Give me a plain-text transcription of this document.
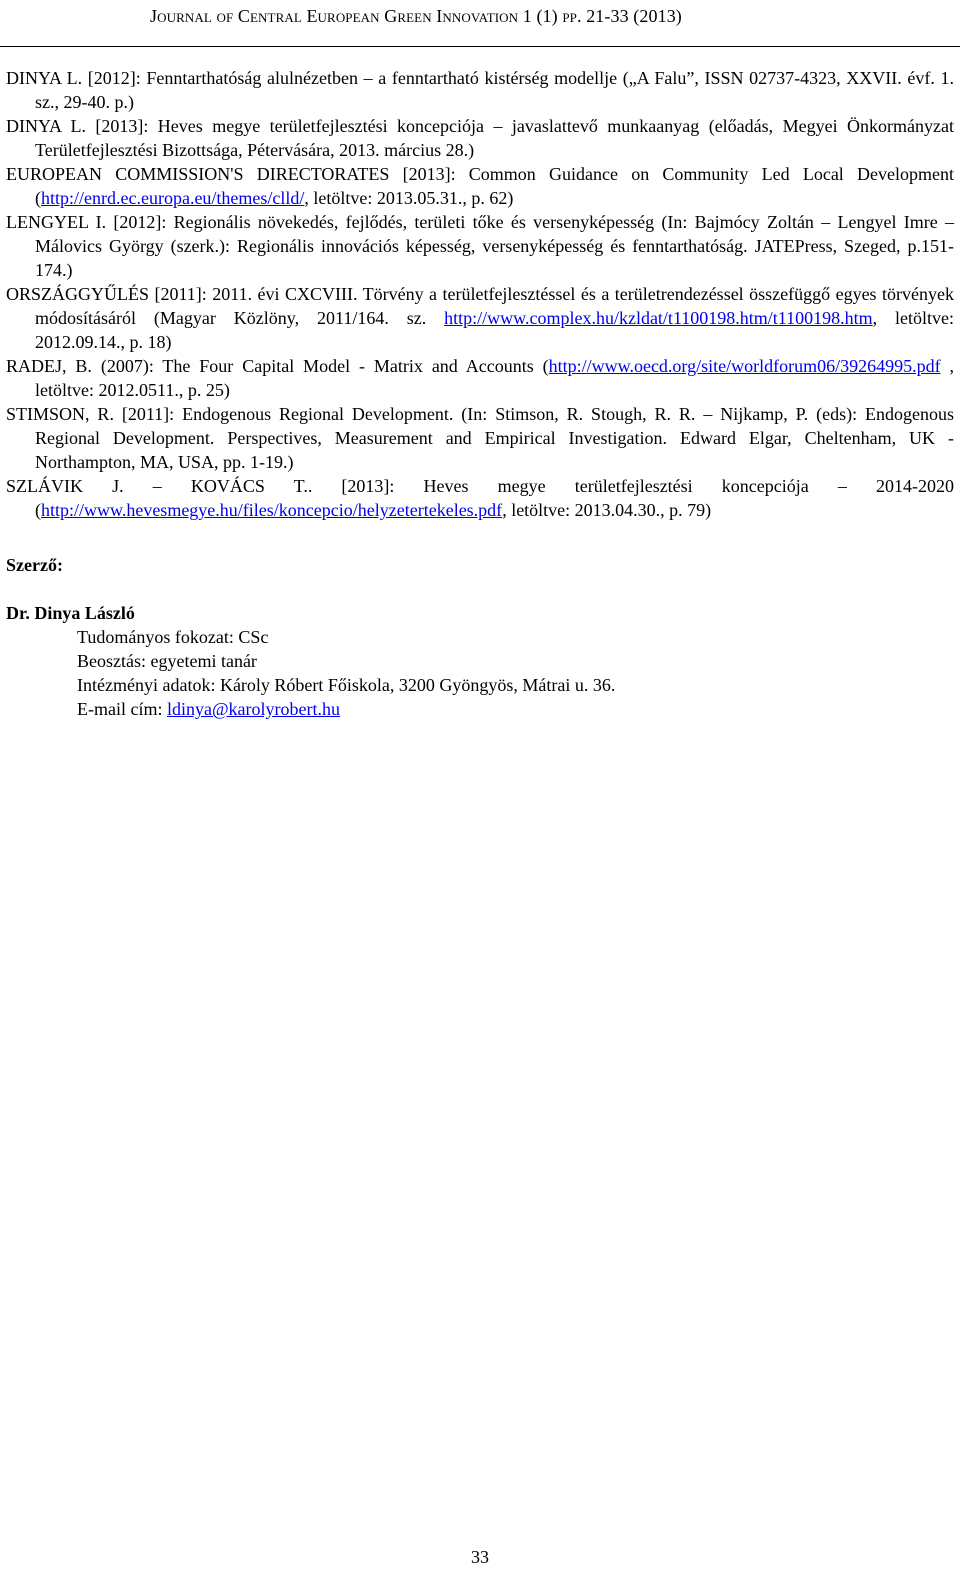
Journal of Central European Green Innovation 1 (1) pp. 21-33 (2013)

DINYA L. [2012]: Fenntarthatóság alulnézetben – a fenntartható kistérség modellje („A Falu”, ISSN 02737-4323, XXVII. évf. 1. sz., 29-40. p.)

DINYA L. [2013]: Heves megye területfejlesztési koncepciója – javaslattevő munkaanyag (előadás, Megyei Önkormányzat Területfejlesztési Bizottsága, Pétervására, 2013. március 28.)

EUROPEAN COMMISSION'S DIRECTORATES [2013]: Common Guidance on Community Led Local Development (http://enrd.ec.europa.eu/themes/clld/, letöltve: 2013.05.31., p. 62)

LENGYEL I. [2012]: Regionális növekedés, fejlődés, területi tőke és versenyképesség (In: Bajmócy Zoltán – Lengyel Imre – Málovics György (szerk.): Regionális innovációs képesség, versenyképesség és fenntarthatóság. JATEPress, Szeged, p.151-174.)

ORSZÁGGYŰLÉS [2011]: 2011. évi CXCVIII. Törvény a területfejlesztéssel és a területrendezéssel összefüggő egyes törvények módosításáról (Magyar Közlöny, 2011/164. sz. http://www.complex.hu/kzldat/t1100198.htm/t1100198.htm, letöltve: 2012.09.14., p. 18)

RADEJ, B. (2007): The Four Capital Model - Matrix and Accounts (http://www.oecd.org/site/worldforum06/39264995.pdf , letöltve: 2012.0511., p. 25)

STIMSON, R. [2011]: Endogenous Regional Development. (In: Stimson, R. Stough, R. R. – Nijkamp, P. (eds): Endogenous Regional Development. Perspectives, Measurement and Empirical Investigation. Edward Elgar, Cheltenham, UK - Northampton, MA, USA, pp. 1-19.)

SZLÁVIK J. – KOVÁCS T.. [2013]: Heves megye területfejlesztési koncepciója – 2014-2020 (http://www.hevesmegye.hu/files/koncepcio/helyzetertekeles.pdf, letöltve: 2013.04.30., p. 79)

Szerző:

Dr. Dinya László

Tudományos fokozat: CSc

Beosztás: egyetemi tanár

Intézményi adatok: Károly Róbert Főiskola, 3200 Gyöngyös, Mátrai u. 36.

E-mail cím: ldinya@karolyrobert.hu

33
